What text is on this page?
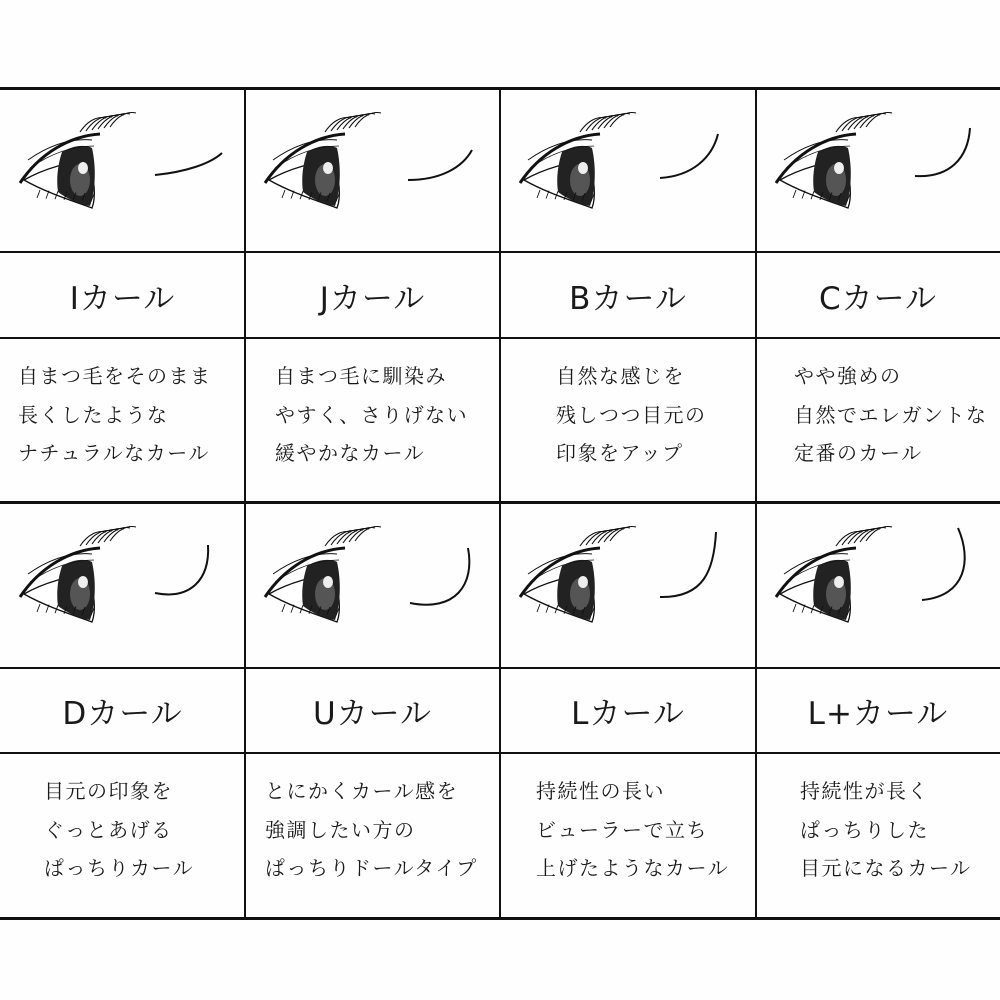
Iカール
自まつ毛をそのまま
長くしたような
ナチュラルなカール
Jカール
自まつ毛に馴染み
やすく、さりげない
緩やかなカール
Bカール
自然な感じを
残しつつ目元の
印象をアップ
Cカール
やや強めの
自然でエレガントな
定番のカール
Dカール
目元の印象を
ぐっとあげる
ぱっちりカール
Uカール
とにかくカール感を
強調したい方の
ぱっちりドールタイプ
Lカール
持続性の長い
ビューラーで立ち
上げたようなカール
L+カール
持続性が長く
ぱっちりした
目元になるカール
